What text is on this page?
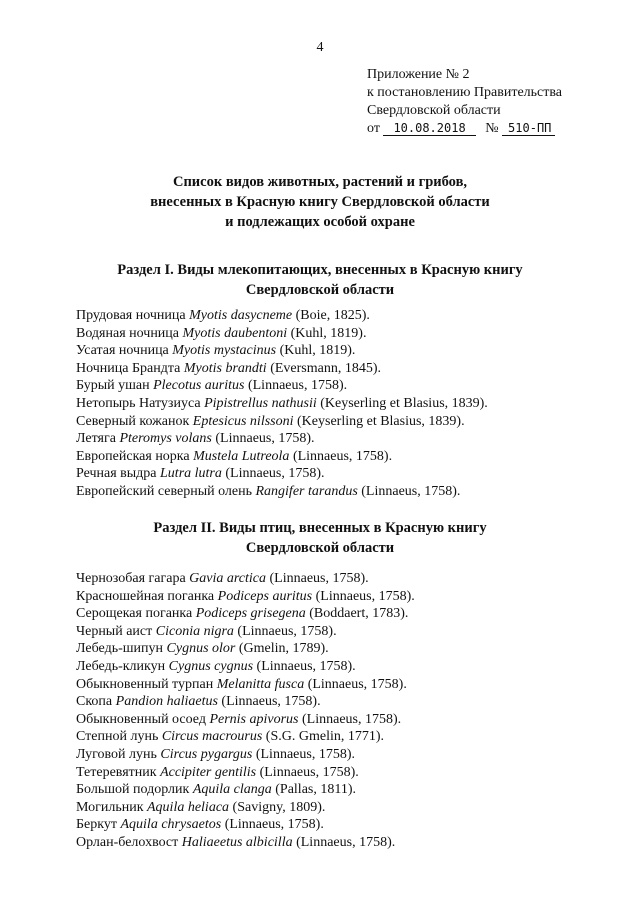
4
Приложение № 2
к постановлению Правительства
Свердловской области
от 10.08.2018 № 510-ПП
Список видов животных, растений и грибов,
внесенных в Красную книгу Свердловской области
и подлежащих особой охране
Раздел I. Виды млекопитающих, внесенных в Красную книгу
Свердловской области
Прудовая ночница Myotis dasycneme (Boie, 1825).
Водяная ночница Myotis daubentoni (Kuhl, 1819).
Усатая ночница Myotis mystacinus (Kuhl, 1819).
Ночница Брандта Myotis brandti (Eversmann, 1845).
Бурый ушан Plecotus auritus (Linnaeus, 1758).
Нетопырь Натузиуса Pipistrellus nathusii (Keyserling et Blasius, 1839).
Северный кожанок Eptesicus nilssoni (Keyserling et Blasius, 1839).
Летяга Pteromys volans (Linnaeus, 1758).
Европейская норка Mustela Lutreola (Linnaeus, 1758).
Речная выдра Lutra lutra (Linnaeus, 1758).
Европейский северный олень Rangifer tarandus (Linnaeus, 1758).
Раздел II. Виды птиц, внесенных в Красную книгу
Свердловской области
Чернозобая гагара Gavia arctica (Linnaeus, 1758).
Красношейная поганка Podiceps auritus (Linnaeus, 1758).
Серощекая поганка Podiceps grisegena (Boddaert, 1783).
Черный аист Ciconia nigra (Linnaeus, 1758).
Лебедь-шипун Cygnus olor (Gmelin, 1789).
Лебедь-кликун Cygnus cygnus (Linnaeus, 1758).
Обыкновенный турпан Melanitta fusca (Linnaeus, 1758).
Скопа Pandion haliaetus (Linnaeus, 1758).
Обыкновенный осоед Pernis apivorus (Linnaeus, 1758).
Степной лунь Circus macrourus (S.G. Gmelin, 1771).
Луговой лунь Circus pygargus (Linnaeus, 1758).
Тетеревятник Accipiter gentilis (Linnaeus, 1758).
Большой подорлик Aquila clanga (Pallas, 1811).
Могильник Aquila heliaca (Savigny, 1809).
Беркут Aquila chrysaetos (Linnaeus, 1758).
Орлан-белохвост Haliaeetus albicilla (Linnaeus, 1758).
